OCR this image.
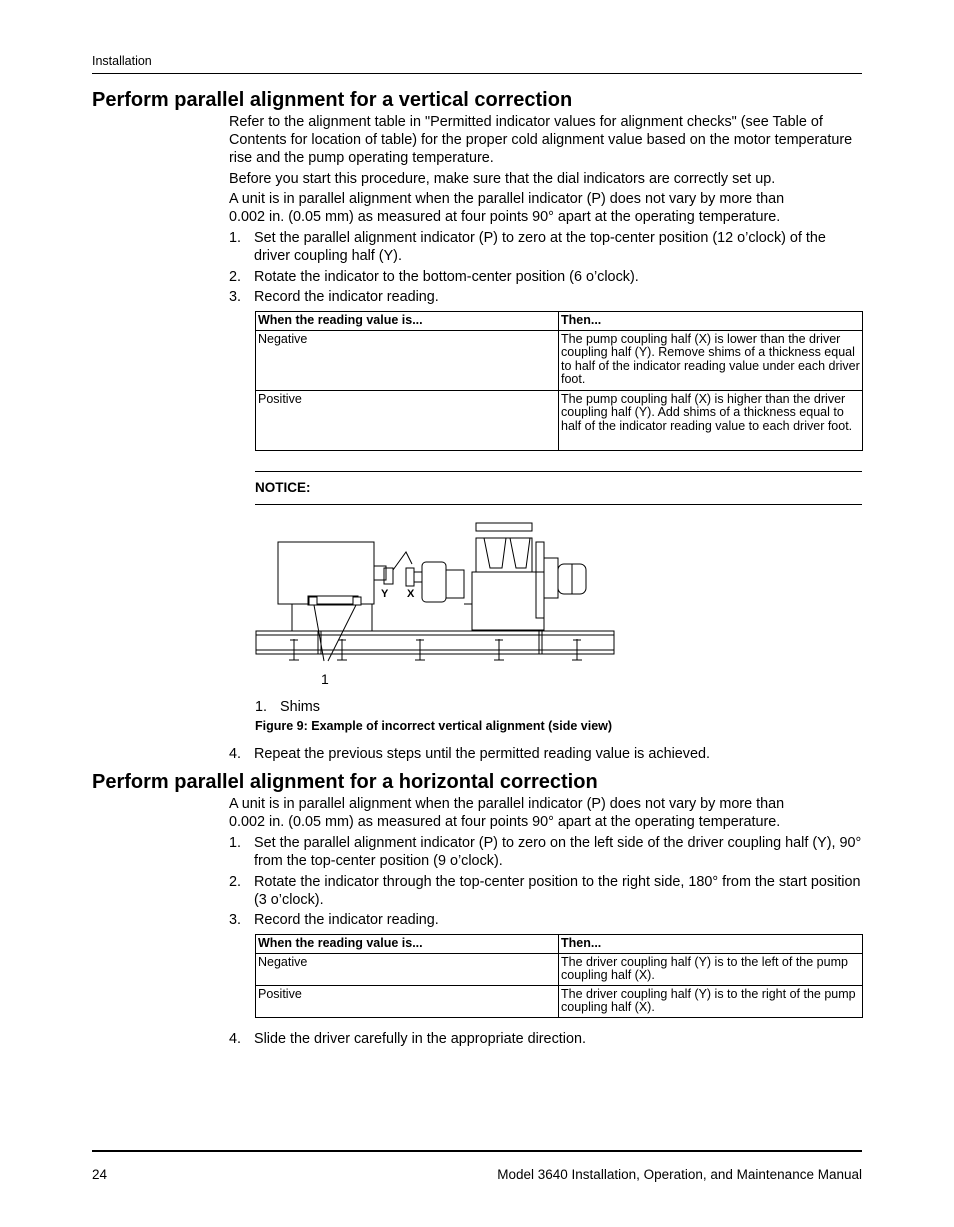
Installation
Perform parallel alignment for a vertical correction

Refer to the alignment table in "Permitted indicator values for alignment checks" (see Table of Contents for location of table) for the proper cold alignment value based on the motor temperature rise and the pump operating temperature.

Before you start this procedure, make sure that the dial indicators are correctly set up.

A unit is in parallel alignment when the parallel indicator (P) does not vary by more than 0.002 in. (0.05 mm) as measured at four points 90° apart at the operating temperature.

1. Set the parallel alignment indicator (P) to zero at the top-center position (12 o’clock) of the driver coupling half (Y).
2. Rotate the indicator to the bottom-center position (6 o’clock).
3. Record the indicator reading.
When the reading value is...	Then...
Negative	The pump coupling half (X) is lower than the driver coupling half (Y). Remove shims of a thickness equal to half of the indicator reading value under each driver foot.
Positive	The pump coupling half (X) is higher than the driver coupling half (Y). Add shims of a thickness equal to half of the indicator reading value to each driver foot.
NOTICE:
Y X
1
1. Shims
Figure 9: Example of incorrect vertical alignment (side view)
4. Repeat the previous steps until the permitted reading value is achieved.
Perform parallel alignment for a horizontal correction

A unit is in parallel alignment when the parallel indicator (P) does not vary by more than 0.002 in. (0.05 mm) as measured at four points 90° apart at the operating temperature.

1. Set the parallel alignment indicator (P) to zero on the left side of the driver coupling half (Y), 90° from the top-center position (9 o’clock).
2. Rotate the indicator through the top-center position to the right side, 180° from the start position (3 o’clock).
3. Record the indicator reading.
When the reading value is...	Then...
Negative	The driver coupling half (Y) is to the left of the pump coupling half (X).
Positive	The driver coupling half (Y) is to the right of the pump coupling half (X).
4. Slide the driver carefully in the appropriate direction.
24	Model 3640 Installation, Operation, and Maintenance Manual
